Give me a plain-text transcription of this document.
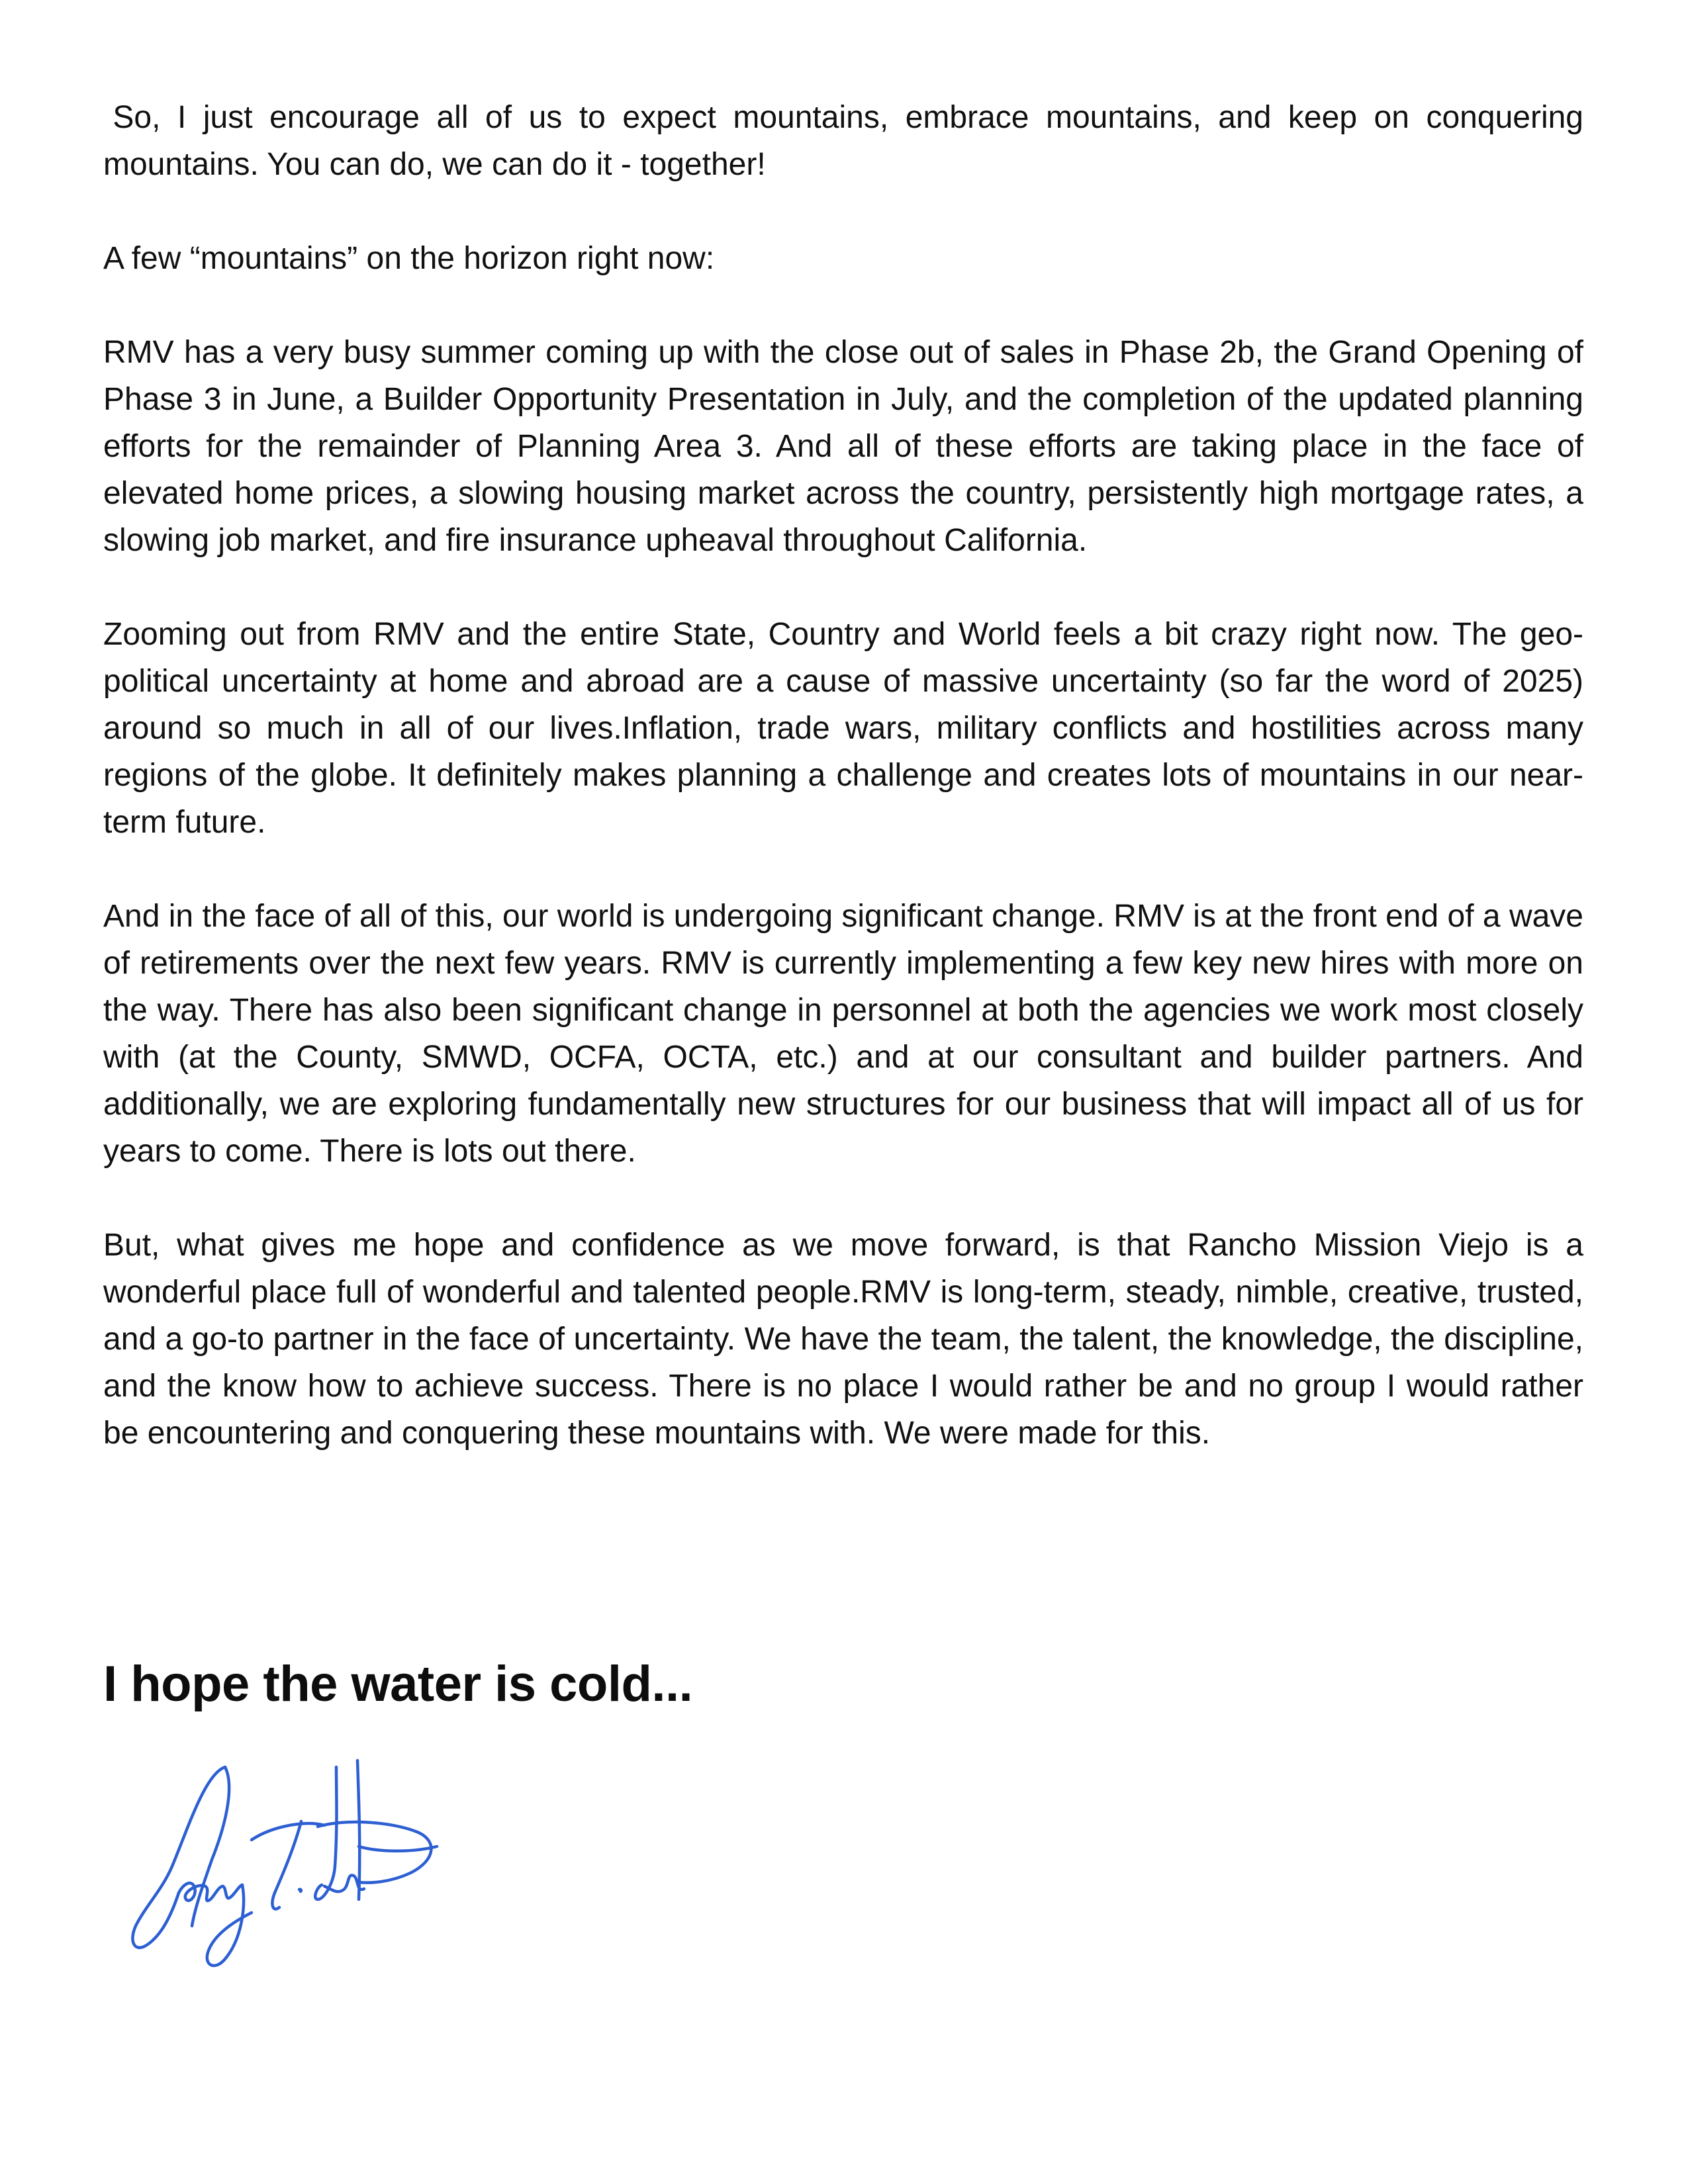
So, I just encourage all of us to expect mountains, embrace mountains, and keep on conquering mountains. You can do, we can do it - together!

A few “mountains” on the horizon right now:

RMV has a very busy summer coming up with the close out of sales in Phase 2b, the Grand Opening of Phase 3 in June, a Builder Opportunity Presentation in July, and the completion of the updated planning efforts for the remainder of Planning Area 3. And all of these efforts are taking place in the face of elevated home prices, a slowing housing market across the country, persistently high mortgage rates, a slowing job market, and fire insurance upheaval throughout California.

Zooming out from RMV and the entire State, Country and World feels a bit crazy right now. The geo-political uncertainty at home and abroad are a cause of massive uncertainty (so far the word of 2025) around so much in all of our lives.Inflation, trade wars, military conflicts and hostilities across many regions of the globe. It definitely makes planning a challenge and creates lots of mountains in our near-term future.

And in the face of all of this, our world is undergoing significant change. RMV is at the front end of a wave of retirements over the next few years. RMV is currently implementing a few key new hires with more on the way. There has also been significant change in personnel at both the agencies we work most closely with (at the County, SMWD, OCFA, OCTA, etc.) and at our consultant and builder partners. And additionally, we are exploring fundamentally new structures for our business that will impact all of us for years to come. There is lots out there.

But, what gives me hope and confidence as we move forward, is that Rancho Mission Viejo is a wonderful place full of wonderful and talented people.RMV is long-term, steady, nimble, creative, trusted, and a go-to partner in the face of uncertainty. We have the team, the talent, the knowledge, the discipline, and the know how to achieve success. There is no place I would rather be and no group I would rather be encountering and conquering these mountains with. We were made for this.

I hope the water is cold...
